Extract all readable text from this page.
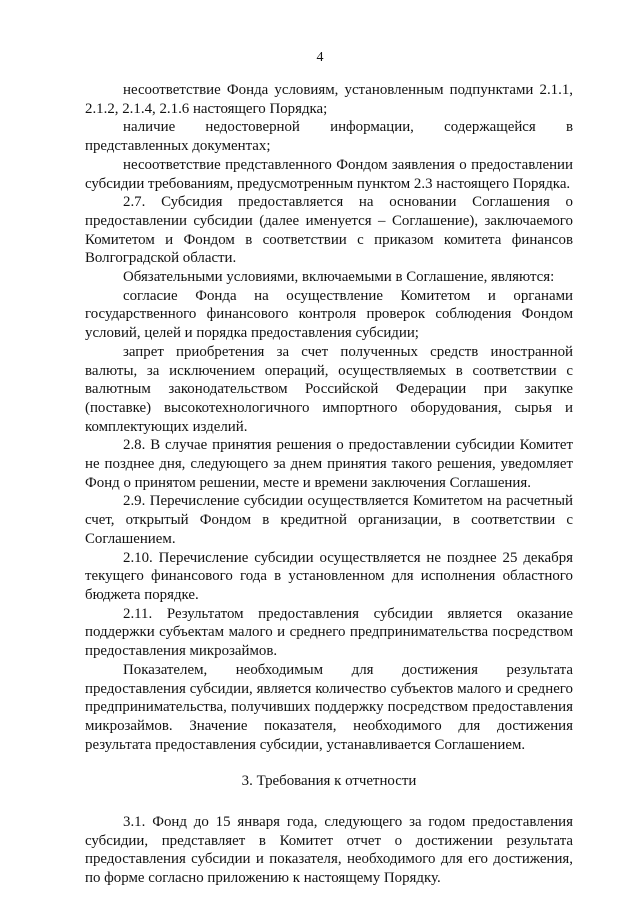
4

несоответствие Фонда условиям, установленным подпунктами 2.1.1, 2.1.2, 2.1.4, 2.1.6 настоящего Порядка;

наличие недостоверной информации, содержащейся в представленных документах;

несоответствие представленного Фондом заявления о предоставлении субсидии требованиям, предусмотренным пунктом 2.3 настоящего Порядка.

2.7. Субсидия предоставляется на основании Соглашения о предоставлении субсидии (далее именуется – Соглашение), заключаемого Комитетом и Фондом в соответствии с приказом комитета финансов Волгоградской области.

Обязательными условиями, включаемыми в Соглашение, являются:

согласие Фонда на осуществление Комитетом и органами государственного финансового контроля проверок соблюдения Фондом условий, целей и порядка предоставления субсидии;

запрет приобретения за счет полученных средств иностранной валюты, за исключением операций, осуществляемых в соответствии с валютным законодательством Российской Федерации при закупке (поставке) высокотехнологичного импортного оборудования, сырья и комплектующих изделий.

2.8. В случае принятия решения о предоставлении субсидии Комитет не позднее дня, следующего за днем принятия такого решения, уведомляет Фонд о принятом решении, месте и времени заключения Соглашения.

2.9. Перечисление субсидии осуществляется Комитетом на расчетный счет, открытый Фондом в кредитной организации, в соответствии с Соглашением.

2.10. Перечисление субсидии осуществляется не позднее 25 декабря текущего финансового года в установленном для исполнения областного бюджета порядке.

2.11. Результатом предоставления субсидии является оказание поддержки субъектам малого и среднего предпринимательства посредством предоставления микрозаймов.

Показателем, необходимым для достижения результата предоставления субсидии, является количество субъектов малого и среднего предпринимательства, получивших поддержку посредством предоставления микрозаймов. Значение показателя, необходимого для достижения результата предоставления субсидии, устанавливается Соглашением.

3. Требования к отчетности

3.1. Фонд до 15 января года, следующего за годом предоставления субсидии, представляет в Комитет отчет о достижении результата предоставления субсидии и показателя, необходимого для его достижения, по форме согласно приложению к настоящему Порядку.
